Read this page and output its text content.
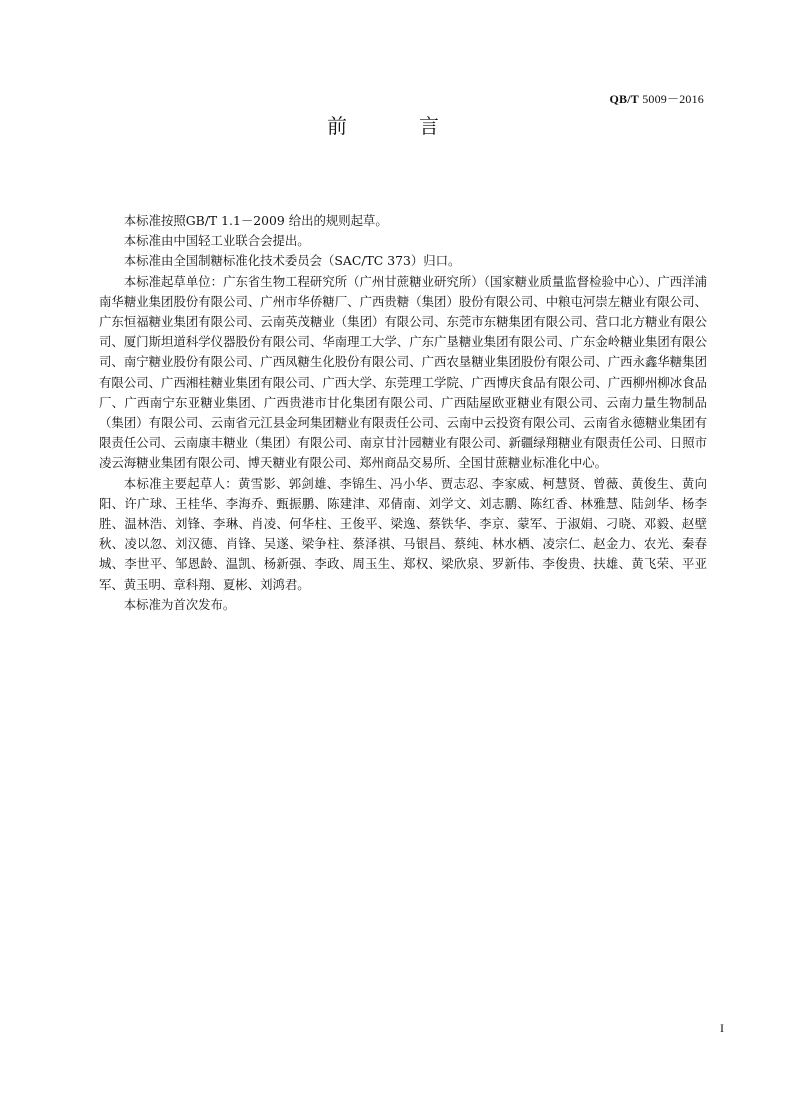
QB/T 5009－2016
前　言

本标准按照GB/T 1.1－2009 给出的规则起草。

本标准由中国轻工业联合会提出。

本标准由全国制糖标准化技术委员会（SAC/TC 373）归口。

本标准起草单位：广东省生物工程研究所（广州甘蔗糖业研究所）（国家糖业质量监督检验中心）、广西洋浦南华糖业集团股份有限公司、广州市华侨糖厂、广西贵糖（集团）股份有限公司、中粮屯河崇左糖业有限公司、广东恒福糖业集团有限公司、云南英茂糖业（集团）有限公司、东莞市东糖集团有限公司、营口北方糖业有限公司、厦门斯坦道科学仪器股份有限公司、华南理工大学、广东广垦糖业集团有限公司、广东金岭糖业集团有限公司、南宁糖业股份有限公司、广西凤糖生化股份有限公司、广西农垦糖业集团股份有限公司、广西永鑫华糖集团有限公司、广西湘桂糖业集团有限公司、广西大学、东莞理工学院、广西博庆食品有限公司、广西柳州柳冰食品厂、广西南宁东亚糖业集团、广西贵港市甘化集团有限公司、广西陆屋欧亚糖业有限公司、云南力量生物制品（集团）有限公司、云南省元江县金珂集团糖业有限责任公司、云南中云投资有限公司、云南省永德糖业集团有限责任公司、云南康丰糖业（集团）有限公司、南京甘汁园糖业有限公司、新疆绿翔糖业有限责任公司、日照市凌云海糖业集团有限公司、博天糖业有限公司、郑州商品交易所、全国甘蔗糖业标准化中心。

本标准主要起草人：黄雪影、郭剑雄、李锦生、冯小华、贾志忍、李家威、柯慧贤、曾薇、黄俊生、黄向阳、许广球、王桂华、李海乔、甄振鹏、陈建津、邓倩南、刘学文、刘志鹏、陈红香、林雅慧、陆剑华、杨李胜、温林浩、刘锋、李琳、肖凌、何华柱、王俊平、梁逸、蔡铁华、李京、蒙军、于淑娟、刁晓、邓毅、赵壁秋、凌以忽、刘汉德、肖锋、吴遂、梁争柱、蔡泽祺、马银昌、蔡纯、林水栖、凌宗仁、赵金力、农光、秦春城、李世平、邹恩龄、温凯、杨新强、李政、周玉生、郑权、梁欣泉、罗新伟、李俊贵、扶雄、黄飞荣、平亚军、黄玉明、章科翔、夏彬、刘鸿君。

本标准为首次发布。

I
